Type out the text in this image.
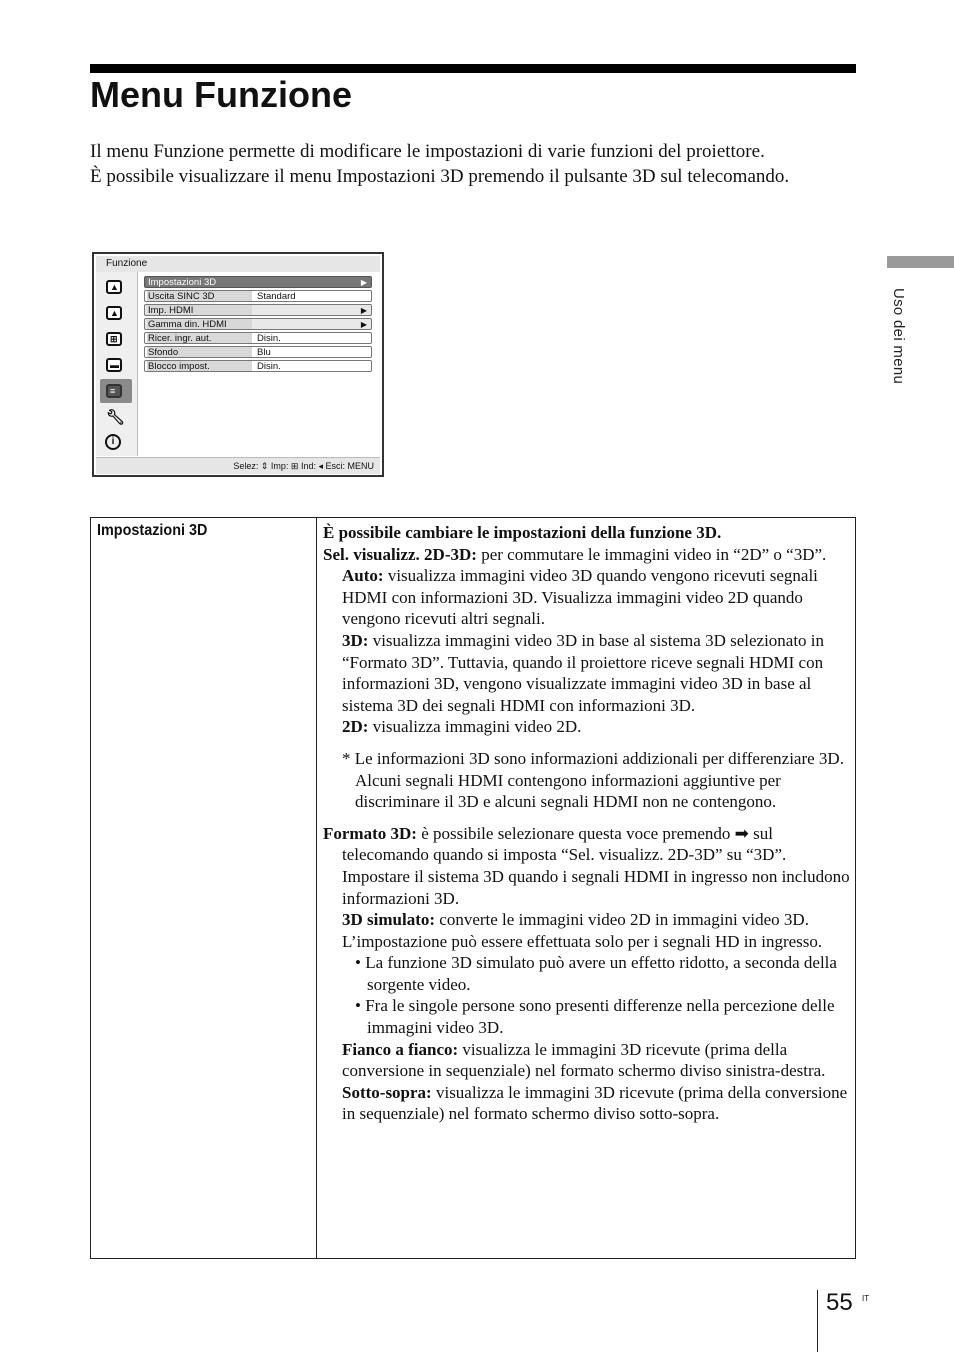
Menu Funzione

Il menu Funzione permette di modificare le impostazioni di varie funzioni del proiettore.

È possibile visualizzare il menu Impostazioni 3D premendo il pulsante 3D sul telecomando.

Uso dei menu
Funzione
▲
▲
⊞
▬
≡
🔧︎
i
Impostazioni 3D	▶
Uscita SINC 3D	Standard
Imp. HDMI	▶
Gamma din. HDMI	▶
Ricer. ingr. aut.	Disin.
Sfondo	Blu
Blocco impost.	Disin.
Selez: ⇕ Imp: ⊞ Ind: ◂ Esci: MENU
Impostazioni 3D	È possibile cambiare le impostazioni della funzione 3D.

Sel. visualizz. 2D-3D: per commutare le immagini video in “2D” o “3D”.

Auto: visualizza immagini video 3D quando vengono ricevuti segnali HDMI con informazioni 3D. Visualizza immagini video 2D quando vengono ricevuti altri segnali.

3D: visualizza immagini video 3D in base al sistema 3D selezionato in “Formato 3D”. Tuttavia, quando il proiettore riceve segnali HDMI con informazioni 3D, vengono visualizzate immagini video 3D in base al sistema 3D dei segnali HDMI con informazioni 3D.

2D: visualizza immagini video 2D.

* Le informazioni 3D sono informazioni addizionali per differenziare 3D. Alcuni segnali HDMI contengono informazioni aggiuntive per discriminare il 3D e alcuni segnali HDMI non ne contengono.

Formato 3D: è possibile selezionare questa voce premendo ➡ sul telecomando quando si imposta “Sel. visualizz. 2D-3D” su “3D”. Impostare il sistema 3D quando i segnali HDMI in ingresso non includono informazioni 3D.

3D simulato: converte le immagini video 2D in immagini video 3D. L’impostazione può essere effettuata solo per i segnali HD in ingresso.

• La funzione 3D simulato può avere un effetto ridotto, a seconda della sorgente video.

• Fra le singole persone sono presenti differenze nella percezione delle immagini video 3D.

Fianco a fianco: visualizza le immagini 3D ricevute (prima della conversione in sequenziale) nel formato schermo diviso sinistra-destra.

Sotto-sopra: visualizza le immagini 3D ricevute (prima della conversione in sequenziale) nel formato schermo diviso sotto-sopra.

55 IT
